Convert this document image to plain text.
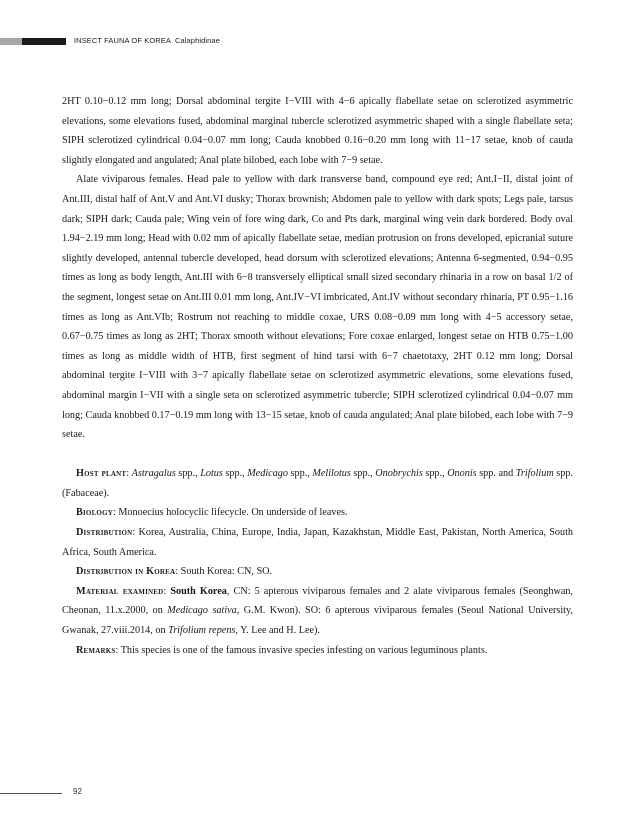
INSECT FAUNA OF KOREA Calaphidinae

2HT 0.10−0.12 mm long; Dorsal abdominal tergite I−VIII with 4−6 apically flabellate setae on sclerotized asymmetric elevations, some elevations fused, abdominal marginal tubercle sclerotized asymmetric shaped with a single flabellate seta; SIPH sclerotized cylindrical 0.04−0.07 mm long; Cauda knobbed 0.16−0.20 mm long with 11−17 setae, knob of cauda slightly elongated and angulated; Anal plate bilobed, each lobe with 7−9 setae.

Alate viviparous females. Head pale to yellow with dark transverse band, compound eye red; Ant.I−II, distal joint of Ant.III, distal half of Ant.V and Ant.VI dusky; Thorax brownish; Abdomen pale to yellow with dark spots; Legs pale, tarsus dark; SIPH dark; Cauda pale; Wing vein of fore wing dark, Co and Pts dark, marginal wing vein dark bordered. Body oval 1.94−2.19 mm long; Head with 0.02 mm of apically flabellate setae, median protrusion on frons developed, epicranial suture slightly developed, antennal tubercle developed, head dorsum with sclerotized elevations; Antenna 6-segmented, 0.94−0.95 times as long as body length, Ant.III with 6−8 transversely elliptical small sized secondary rhinaria in a row on basal 1/2 of the segment, longest setae on Ant.III 0.01 mm long, Ant.IV−VI imbricated, Ant.IV without secondary rhinaria, PT 0.95−1.16 times as long as Ant.VIb; Rostrum not reaching to middle coxae, URS 0.08−0.09 mm long with 4−5 accessory setae, 0.67−0.75 times as long as 2HT; Thorax smooth without elevations; Fore coxae enlarged, longest setae on HTB 0.75−1.00 times as long as middle width of HTB, first segment of hind tarsi with 6−7 chaetotaxy, 2HT 0.12 mm long; Dorsal abdominal tergite I−VIII with 3−7 apically flabellate setae on sclerotized asymmetric elevations, some elevations fused, abdominal margin I−VII with a single seta on sclerotized asymmetric tubercle; SIPH sclerotized cylindrical 0.04−0.07 mm long; Cauda knobbed 0.17−0.19 mm long with 13−15 setae, knob of cauda angulated; Anal plate bilobed, each lobe with 7−9 setae.

Host plant: Astragalus spp., Lotus spp., Medicago spp., Melilotus spp., Onobrychis spp., Ononis spp. and Trifolium spp. (Fabaceae).

Biology: Monoecius holocyclic lifecycle. On underside of leaves.

Distribution: Korea, Australia, China, Europe, India, Japan, Kazakhstan, Middle East, Pakistan, North America, South Africa, South America.

Distribution in Korea: South Korea: CN, SO.

Material examined: South Korea, CN: 5 apterous viviparous females and 2 alate viviparous females (Seonghwan, Cheonan, 11.x.2000, on Medicago sativa, G.M. Kwon). SO: 6 apterous viviparous females (Seoul National University, Gwanak, 27.viii.2014, on Trifolium repens, Y. Lee and H. Lee).

Remarks: This species is one of the famous invasive species infesting on various leguminous plants.

92
